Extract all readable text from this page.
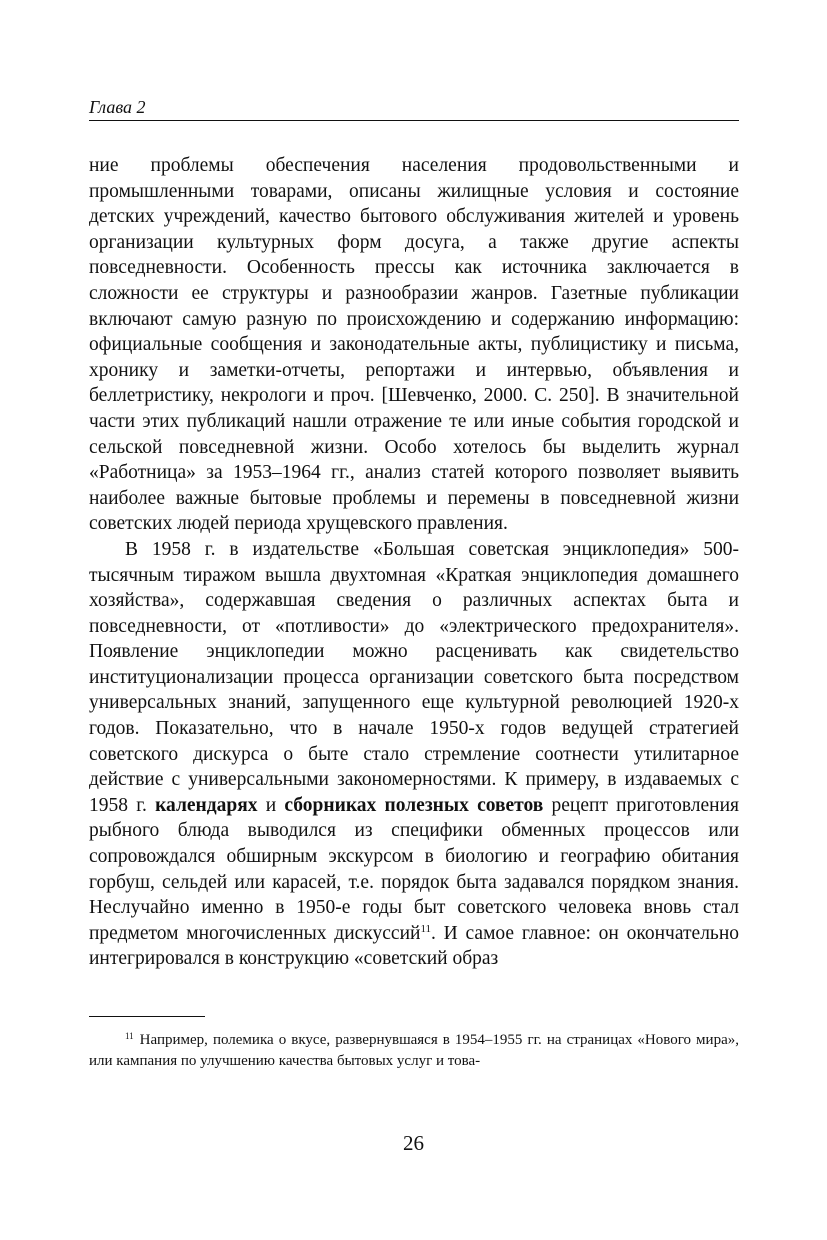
Глава 2

ние проблемы обеспечения населения продовольственными и промышленными товарами, описаны жилищные условия и состояние детских учреждений, качество бытового обслуживания жителей и уровень организации культурных форм досуга, а также другие аспекты повседневности. Особенность прессы как источника заключается в сложности ее структуры и разнообразии жанров. Газетные публикации включают самую разную по происхождению и содержанию информацию: официальные сообщения и законодательные акты, публицистику и письма, хронику и заметки-отчеты, репортажи и интервью, объявления и беллетристику, некрологи и проч. [Шевченко, 2000. С. 250]. В значительной части этих публикаций нашли отражение те или иные события городской и сельской повседневной жизни. Особо хотелось бы выделить журнал «Работница» за 1953–1964 гг., анализ статей которого позволяет выявить наиболее важные бытовые проблемы и перемены в повседневной жизни советских людей периода хрущевского правления.

В 1958 г. в издательстве «Большая советская энциклопедия» 500-тысячным тиражом вышла двухтомная «Краткая энциклопедия домашнего хозяйства», содержавшая сведения о различных аспектах быта и повседневности, от «потливости» до «электрического предохранителя». Появление энциклопедии можно расценивать как свидетельство институционализации процесса организации советского быта посредством универсальных знаний, запущенного еще культурной революцией 1920-х годов. Показательно, что в начале 1950-х годов ведущей стратегией советского дискурса о быте стало стремление соотнести утилитарное действие с универсальными закономерностями. К примеру, в издаваемых с 1958 г. календарях и сборниках полезных советов рецепт приготовления рыбного блюда выводился из специфики обменных процессов или сопровождался обширным экскурсом в биологию и географию обитания горбуш, сельдей или карасей, т.е. порядок быта задавался порядком знания. Неслучайно именно в 1950-е годы быт советского человека вновь стал предметом многочисленных дискуссий$^{11}$. И самое главное: он окончательно интегрировался в конструкцию «советский образ

$^{11}$ Например, полемика о вкусе, развернувшаяся в 1954–1955 гг. на страницах «Нового мира», или кампания по улучшению качества бытовых услуг и това-
26
